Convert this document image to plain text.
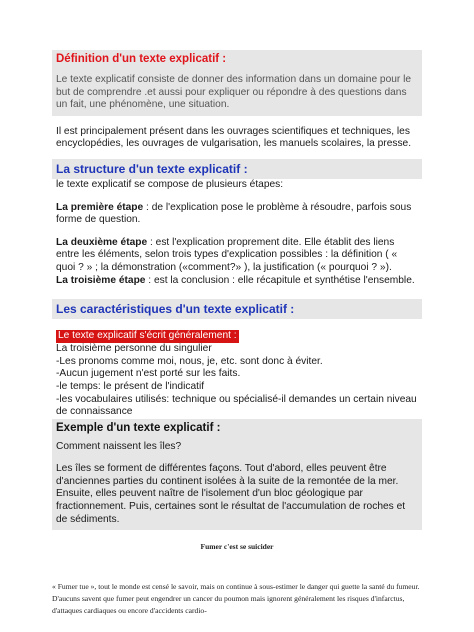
Définition d'un texte explicatif :

Le texte explicatif consiste de donner des information dans un domaine pour le but de comprendre .et aussi pour expliquer ou répondre à des questions dans un fait, une phénomène, une situation.

Il est principalement présent dans les ouvrages scientifiques et techniques, les encyclopédies, les ouvrages de vulgarisation, les manuels scolaires, la presse.

La structure d'un texte explicatif :

le texte explicatif se compose de plusieurs étapes:

La première étape : de l'explication pose le problème à résoudre, parfois sous forme de question.

La deuxième étape : est l'explication proprement dite. Elle établit des liens entre les éléments, selon trois types d'explication possibles : la définition ( « quoi ? » ; la démonstration («comment?» ), la justification (« pourquoi ? »).

La troisième étape : est la conclusion : elle récapitule et synthétise l'ensemble.

Les caractéristiques d'un texte explicatif :
Le texte explicatif s'écrit généralement :

La troisième personne du singulier

-Les pronoms comme moi, nous, je, etc. sont donc à éviter.

-Aucun jugement n'est porté sur les faits.

-le temps: le présent de l'indicatif

-les vocabulaires utilisés: technique ou spécialisé-il demandes un certain niveau de connaissance

Exemple d'un texte explicatif :

Comment naissent les îles?

Les îles se forment de différentes façons. Tout d'abord, elles peuvent être d'anciennes parties du continent isolées à la suite de la remontée de la mer. Ensuite, elles peuvent naître de l'isolement d'un bloc géologique par fractionnement. Puis, certaines sont le résultat de l'accumulation de roches et de sédiments.

Fumer c'est se suicider

« Fumer tue », tout le monde est censé le savoir, mais on continue à sous-estimer le danger qui guette la santé du fumeur. D'aucuns savent que fumer peut engendrer un cancer du poumon mais ignorent généralement les risques d'infarctus, d'attaques cardiaques ou encore d'accidents cardio-
